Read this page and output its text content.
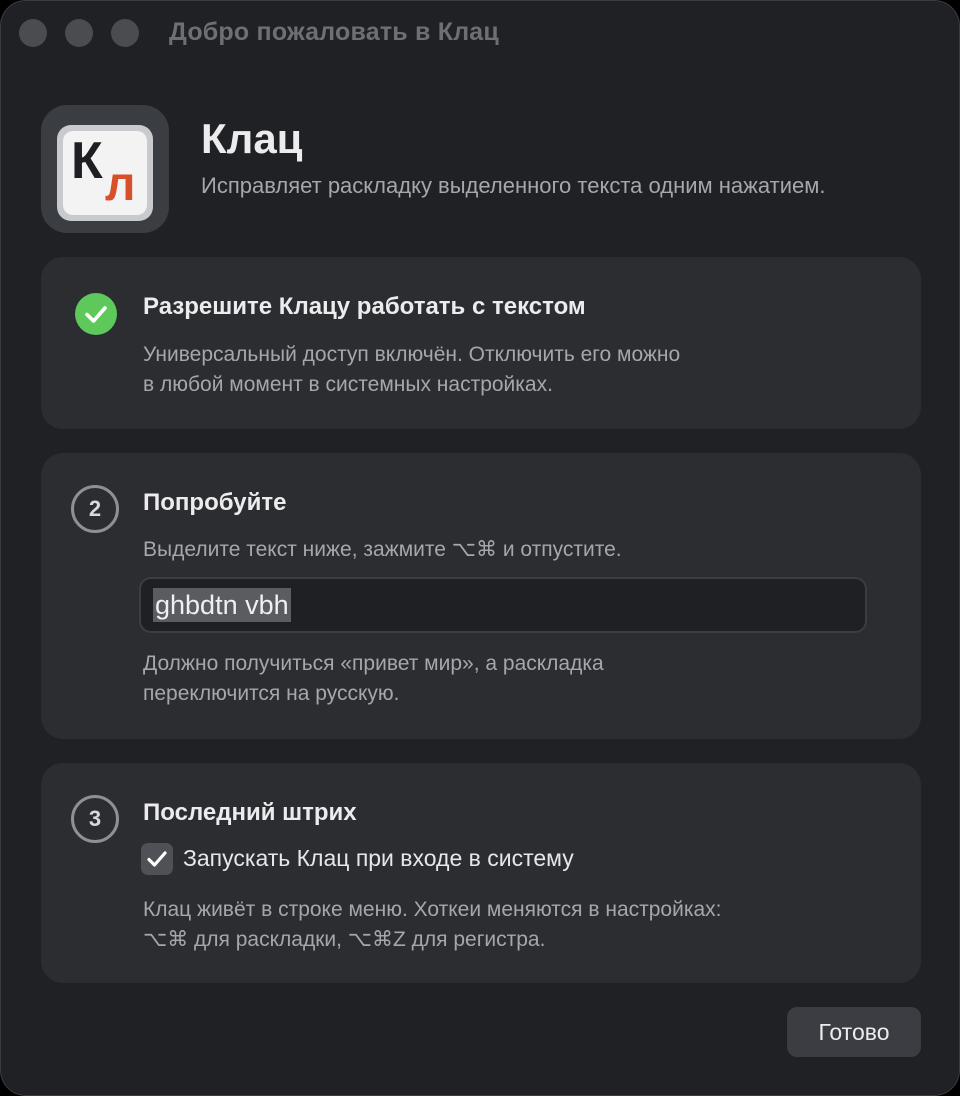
Добро пожаловать в Клац
К л
Клац
Исправляет раскладку выделенного текста одним нажатием.
Разрешите Клацу работать с текстом
Универсальный доступ включён. Отключить его можно
в любой момент в системных настройках.
2	Попробуйте
Выделите текст ниже, зажмите ⌥⌘ и отпустите.
ghbdtn vbh
Должно получиться «привет мир», а раскладка
переключится на русскую.
3	Последний штрих
Запускать Клац при входе в систему
Клац живёт в строке меню. Хоткеи меняются в настройках:
⌥⌘ для раскладки, ⌥⌘Z для регистра.
Готово
